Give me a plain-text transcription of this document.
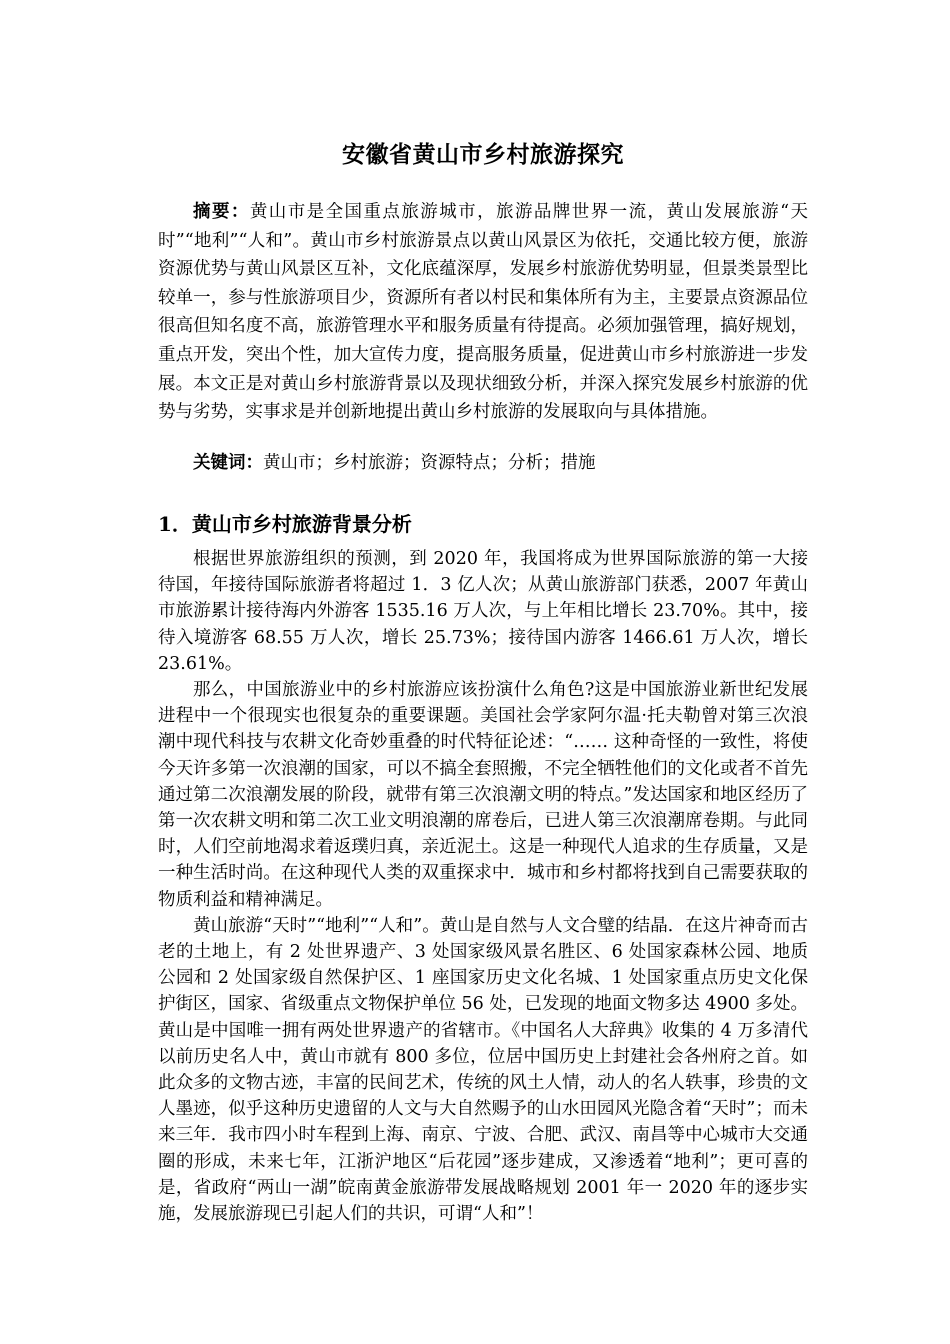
安徽省黄山市乡村旅游探究
摘要：黄山市是全国重点旅游城市，旅游品牌世界一流，黄山发展旅游“天时”“地利”“人和”。黄山市乡村旅游景点以黄山风景区为依托，交通比较方便，旅游资源优势与黄山风景区互补，文化底蕴深厚，发展乡村旅游优势明显，但景类景型比较单一，参与性旅游项目少，资源所有者以村民和集体所有为主，主要景点资源品位很高但知名度不高，旅游管理水平和服务质量有待提高。必须加强管理，搞好规划，重点开发，突出个性，加大宣传力度，提高服务质量，促进黄山市乡村旅游进一步发展。本文正是对黄山乡村旅游背景以及现状细致分析，并深入探究发展乡村旅游的优势与劣势，实事求是并创新地提出黄山乡村旅游的发展取向与具体措施。
关键词：黄山市；乡村旅游；资源特点；分析；措施
1．黄山市乡村旅游背景分析

根据世界旅游组织的预测，到 2020 年，我国将成为世界国际旅游的第一大接待国，年接待国际旅游者将超过 1．3 亿人次；从黄山旅游部门获悉，2007 年黄山市旅游累计接待海内外游客 1535.16 万人次，与上年相比增长 23.70%。其中，接待入境游客 68.55 万人次，增长 25.73%；接待国内游客 1466.61 万人次，增长 23.61%。

那么，中国旅游业中的乡村旅游应该扮演什么角色?这是中国旅游业新世纪发展进程中一个很现实也很复杂的重要课题。美国社会学家阿尔温·托夫勒曾对第三次浪潮中现代科技与农耕文化奇妙重叠的时代特征论述：“…… 这种奇怪的一致性，将使今天许多第一次浪潮的国家，可以不搞全套照搬，不完全牺牲他们的文化或者不首先通过第二次浪潮发展的阶段，就带有第三次浪潮文明的特点。”发达国家和地区经历了第一次农耕文明和第二次工业文明浪潮的席卷后，已进人第三次浪潮席卷期。与此同时，人们空前地渴求着返璞归真，亲近泥土。这是一种现代人追求的生存质量，又是一种生活时尚。在这种现代人类的双重探求中．城市和乡村都将找到自己需要获取的物质利益和精神满足。

黄山旅游“天时”“地利”“人和”。黄山是自然与人文合璧的结晶．在这片神奇而古老的土地上，有 2 处世界遗产、3 处国家级风景名胜区、6 处国家森林公园、地质公园和 2 处国家级自然保护区、1 座国家历史文化名城、1 处国家重点历史文化保护街区，国家、省级重点文物保护单位 56 处，已发现的地面文物多达 4900 多处。黄山是中国唯一拥有两处世界遗产的省辖市。《中国名人大辞典》收集的 4 万多清代以前历史名人中，黄山市就有 800 多位，位居中国历史上封建社会各州府之首。如此众多的文物古迹，丰富的民间艺术，传统的风土人情，动人的名人轶事，珍贵的文人墨迹，似乎这种历史遗留的人文与大自然赐予的山水田园风光隐含着“天时”；而未来三年．我市四小时车程到上海、南京、宁波、合肥、武汉、南昌等中心城市大交通圈的形成，未来七年，江浙沪地区“后花园”逐步建成，又渗透着“地利”；更可喜的是，省政府“两山一湖”皖南黄金旅游带发展战略规划 2001 年一 2020 年的逐步实施，发展旅游现已引起人们的共识，可谓“人和”！
